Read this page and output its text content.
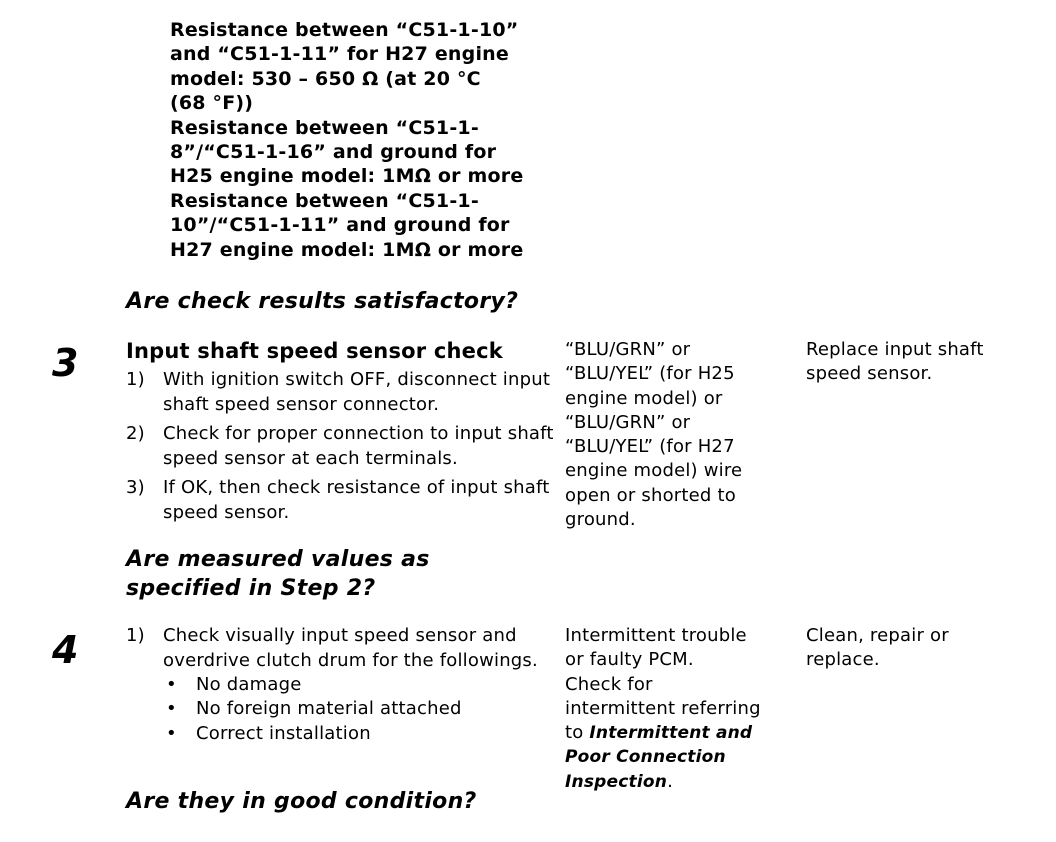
Resistance between “C51-1-10”
and “C51-1-11” for H27 engine
model: 530 – 650 Ω (at 20 °C
(68 °F))
Resistance between “C51-1-
8”/“C51-1-16” and ground for
H25 engine model: 1MΩ or more
Resistance between “C51-1-
10”/“C51-1-11” and ground for
H27 engine model: 1MΩ or more
Are check results satisfactory?
3 Input shaft speed sensor check
1) With ignition switch OFF, disconnect input shaft speed sensor connector.
2) Check for proper connection to input shaft speed sensor at each terminals.
3) If OK, then check resistance of input shaft speed sensor.
Are measured values as
specified in Step 2?
“BLU/GRN” or
“BLU/YEL” (for H25
engine model) or
“BLU/GRN” or
“BLU/YEL” (for H27
engine model) wire
open or shorted to
ground.
Replace input shaft
speed sensor.
4	1) Check visually input speed sensor and overdrive clutch drum for the followings.
• No damage
• No foreign material attached
• Correct installation
Are they in good condition?
Intermittent trouble
or faulty PCM.
Check for
intermittent referring
to Intermittent and
Poor Connection
Inspection.
Clean, repair or
replace.
